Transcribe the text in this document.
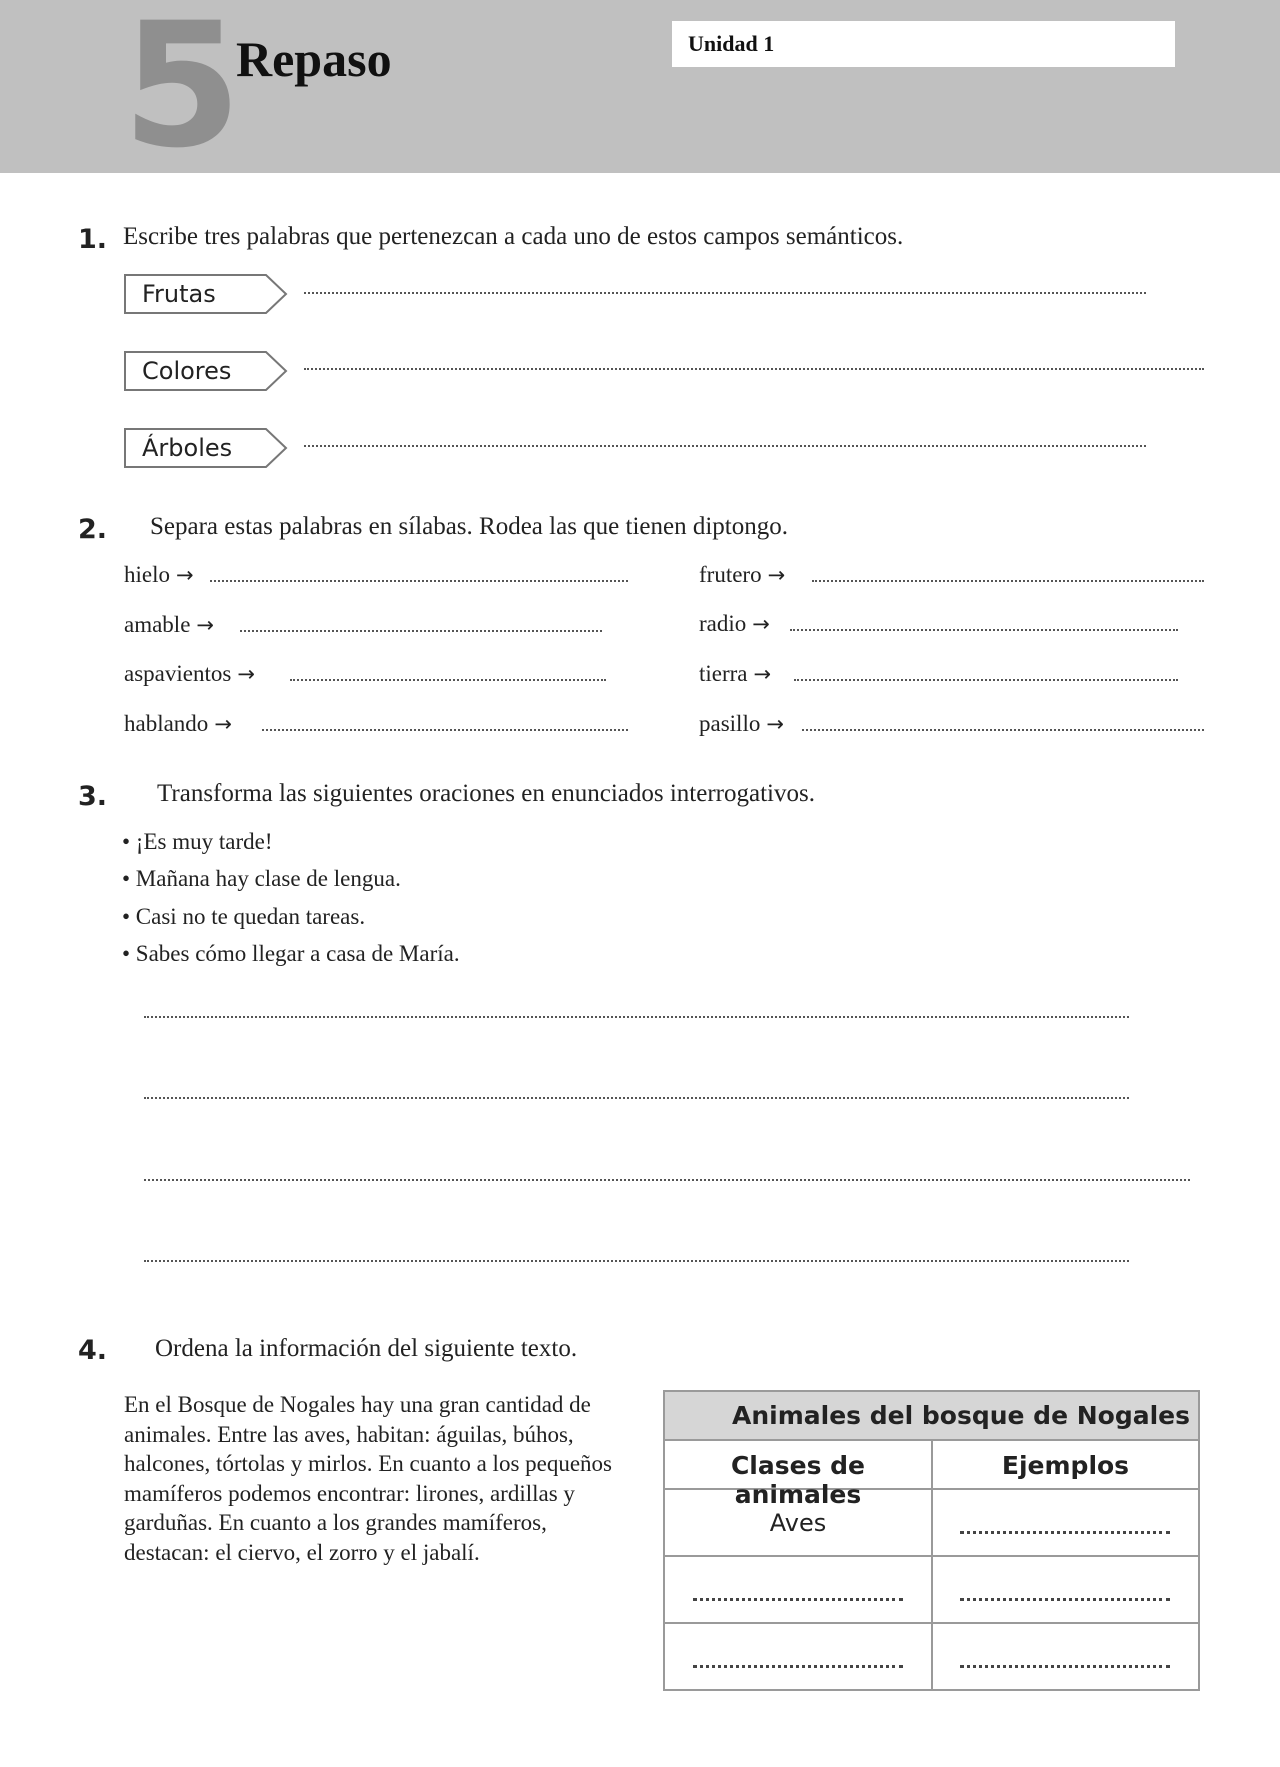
5
Repaso	Unidad 1
1. Escribe tres palabras que pertenezcan a cada uno de estos campos semánticos.
Frutas
Colores
Árboles
2. Separa estas palabras en sílabas. Rodea las que tienen diptongo.
hielo →
amable →
aspavientos →
hablando →
frutero →
radio →
tierra →
pasillo →
3. Transforma las siguientes oraciones en enunciados interrogativos.
• ¡Es muy tarde!
• Mañana hay clase de lengua.
• Casi no te quedan tareas.
• Sabes cómo llegar a casa de María.
4. Ordena la información del siguiente texto.
En el Bosque de Nogales hay una gran cantidad de animales. Entre las aves, habitan: águilas, búhos, halcones, tórtolas y mirlos. En cuanto a los pequeños mamíferos podemos encontrar: lirones, ardillas y garduñas. En cuanto a los grandes mamíferos, destacan: el ciervo, el zorro y el jabalí.
Animales del bosque de Nogales	

Clases de animales	Ejemplos

Aves	
